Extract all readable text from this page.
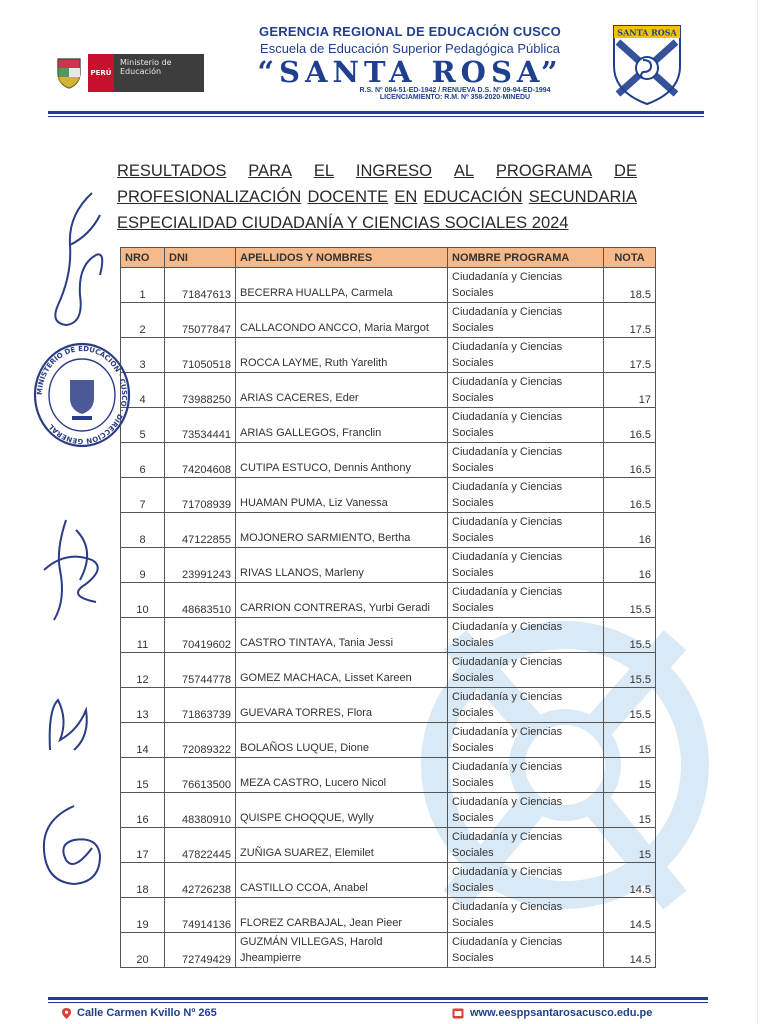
PERÚ
Ministerio de Educación
GERENCIA REGIONAL DE EDUCACIÓN CUSCO
Escuela de Educación Superior Pedagógica Pública
“SANTA ROSA”
R.S. Nº 084-51-ED-1942 / RENUEVA D.S. Nº 09-94-ED-1994
LICENCIAMIENTO: R.M. Nº 358-2020-MINEDU
SANTA ROSA
RESULTADOS PARA EL INGRESO AL PROGRAMA DE
PROFESIONALIZACIÓN DOCENTE EN EDUCACIÓN SECUNDARIA
ESPECIALIDAD CIUDADANÍA Y CIENCIAS SOCIALES 2024
NRO	DNI	APELLIDOS Y NOMBRES	NOMBRE PROGRAMA	NOTA
1	71847613	BECERRA HUALLPA, Carmela	Ciudadanía y Ciencias Sociales	18.5
2	75077847	CALLACONDO ANCCO, Maria Margot	Ciudadanía y Ciencias Sociales	17.5
3	71050518	ROCCA LAYME, Ruth Yarelith	Ciudadanía y Ciencias Sociales	17.5
4	73988250	ARIAS CACERES, Eder	Ciudadanía y Ciencias Sociales	17
5	73534441	ARIAS GALLEGOS, Franclin	Ciudadanía y Ciencias Sociales	16.5
6	74204608	CUTIPA ESTUCO, Dennis Anthony	Ciudadanía y Ciencias Sociales	16.5
7	71708939	HUAMAN PUMA, Liz Vanessa	Ciudadanía y Ciencias Sociales	16.5
8	47122855	MOJONERO SARMIENTO, Bertha	Ciudadanía y Ciencias Sociales	16
9	23991243	RIVAS LLANOS, Marleny	Ciudadanía y Ciencias Sociales	16
10	48683510	CARRION CONTRERAS, Yurbi Geradi	Ciudadanía y Ciencias Sociales	15.5
11	70419602	CASTRO TINTAYA, Tania Jessi	Ciudadanía y Ciencias Sociales	15.5
12	75744778	GOMEZ MACHACA, Lisset Kareen	Ciudadanía y Ciencias Sociales	15.5
13	71863739	GUEVARA TORRES, Flora	Ciudadanía y Ciencias Sociales	15.5
14	72089322	BOLAÑOS LUQUE, Dione	Ciudadanía y Ciencias Sociales	15
15	76613500	MEZA CASTRO, Lucero Nicol	Ciudadanía y Ciencias Sociales	15
16	48380910	QUISPE CHOQQUE, Wylly	Ciudadanía y Ciencias Sociales	15
17	47822445	ZUÑIGA SUAREZ, Elemilet	Ciudadanía y Ciencias Sociales	15
18	42726238	CASTILLO CCOA, Anabel	Ciudadanía y Ciencias Sociales	14.5
19	74914136	FLOREZ CARBAJAL, Jean Pieer	Ciudadanía y Ciencias Sociales	14.5
20	72749429	GUZMÁN VILLEGAS, Harold Jheampierre	Ciudadanía y Ciencias Sociales	14.5
MINISTERIO DE EDUCACIÓN · CUSCO · DIRECCIÓN GENERAL
Calle Carmen Kvillo Nº 265	www.eesppsantarosacusco.edu.pe
